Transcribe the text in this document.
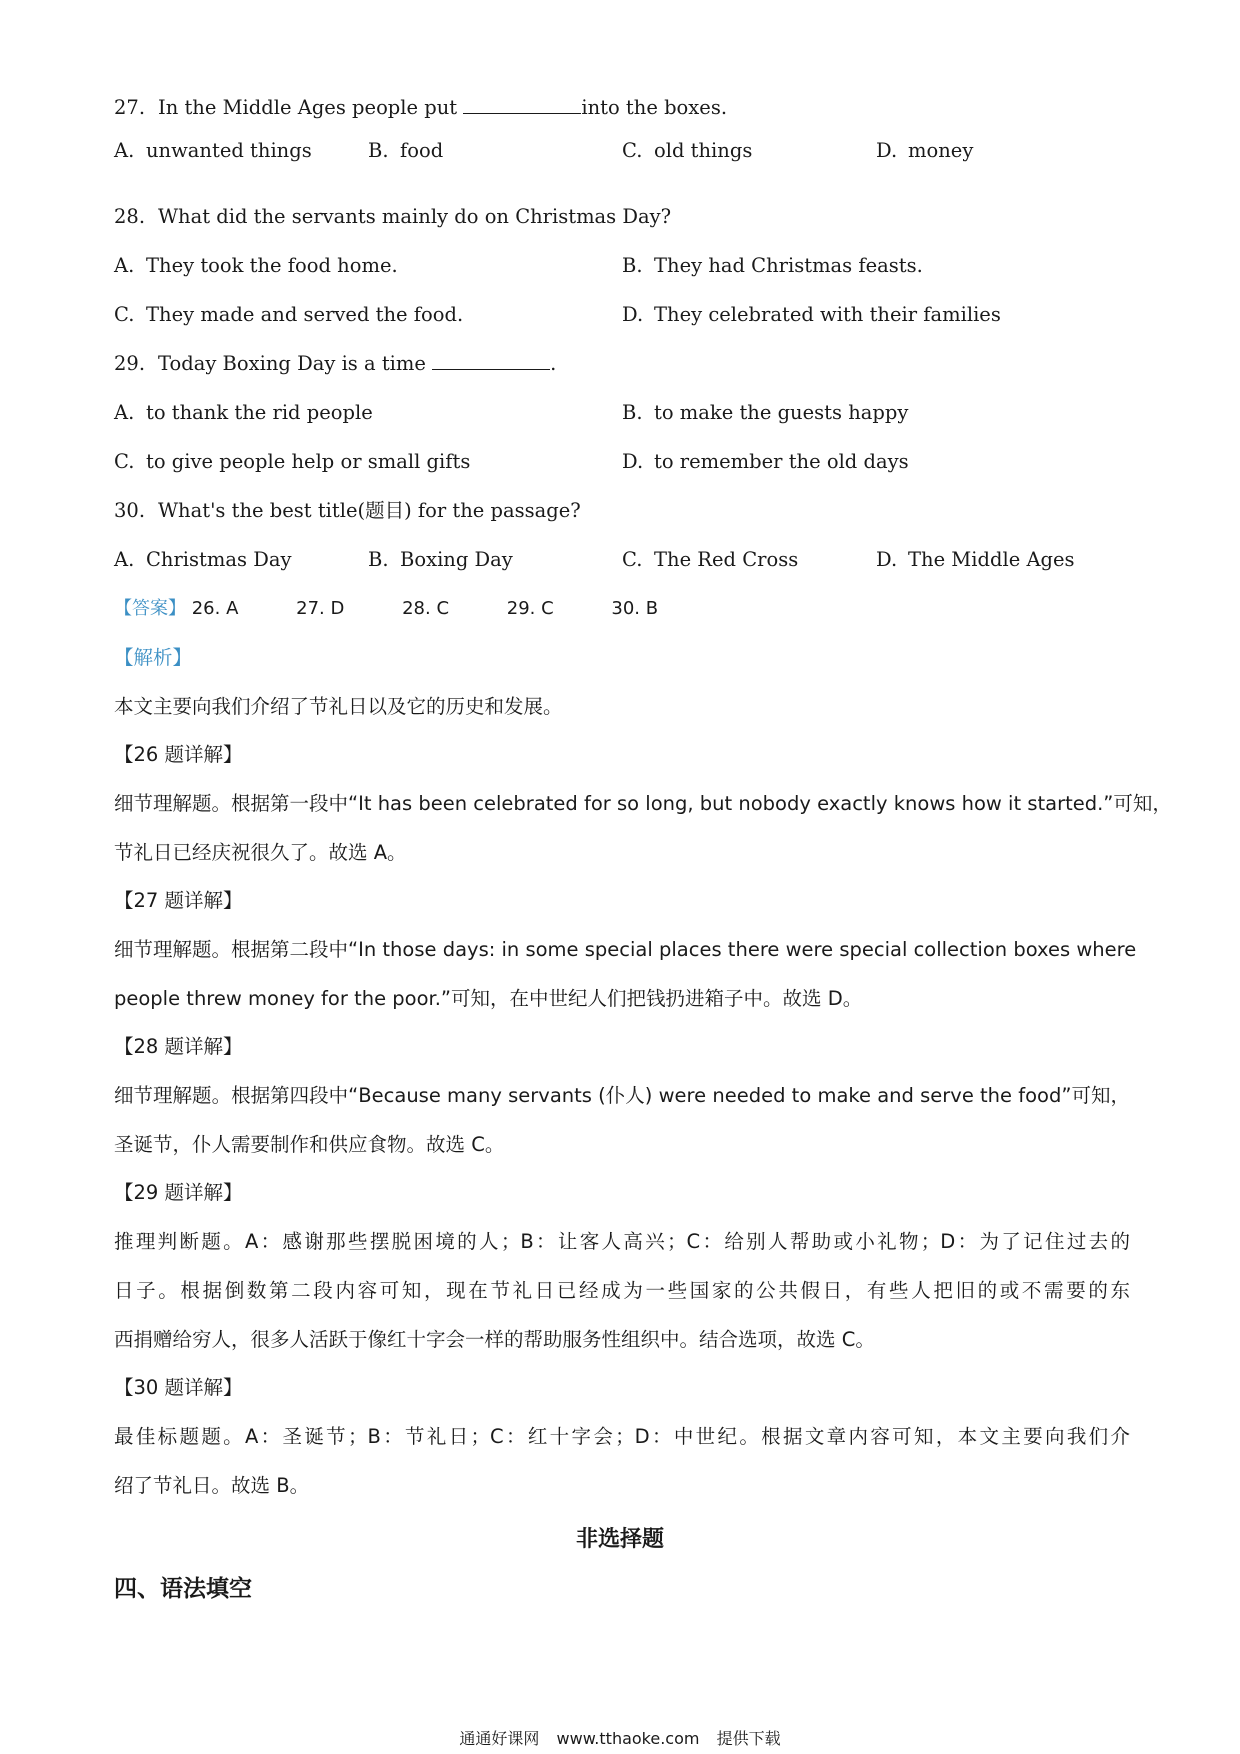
27. In the Middle Ages people put	into the boxes.
A. unwanted things	B. food	C. old things	D. money
28. What did the servants mainly do on Christmas Day?
A. They took the food home.	B. They had Christmas feasts.
C. They made and served the food.	D. They celebrated with their families
29. Today Boxing Day is a time	.
A. to thank the rid people	B. to make the guests happy
C. to give people help or small gifts	D. to remember the old days
30. What's the best title(题目) for the passage?
A. Christmas Day	B. Boxing Day	C. The Red Cross	D. The Middle Ages
【答案】 26. A	27. D	28. C	29. C	30. B
【解析】
本文主要向我们介绍了节礼日以及它的历史和发展。
【26 题详解】
细节理解题。根据第一段中“It has been celebrated for so long, but nobody exactly knows how it started.”可知，
节礼日已经庆祝很久了。故选 A。
【27 题详解】
细节理解题。根据第二段中“In those days: in some special places there were special collection boxes where
people threw money for the poor.”可知，在中世纪人们把钱扔进箱子中。故选 D。
【28 题详解】
细节理解题。根据第四段中“Because many servants (仆人) were needed to make and serve the food”可知，
圣诞节，仆人需要制作和供应食物。故选 C。
【29 题详解】
推理判断题。A：感谢那些摆脱困境的人；B：让客人高兴；C：给别人帮助或小礼物；D：为了记住过去的
日子。根据倒数第二段内容可知，现在节礼日已经成为一些国家的公共假日，有些人把旧的或不需要的东
西捐赠给穷人，很多人活跃于像红十字会一样的帮助服务性组织中。结合选项，故选 C。
【30 题详解】
最佳标题题。A：圣诞节；B：节礼日；C：红十字会；D：中世纪。根据文章内容可知，本文主要向我们介
绍了节礼日。故选 B。
非选择题
四、语法填空
通通好课网 www.tthaoke.com 提供下载
